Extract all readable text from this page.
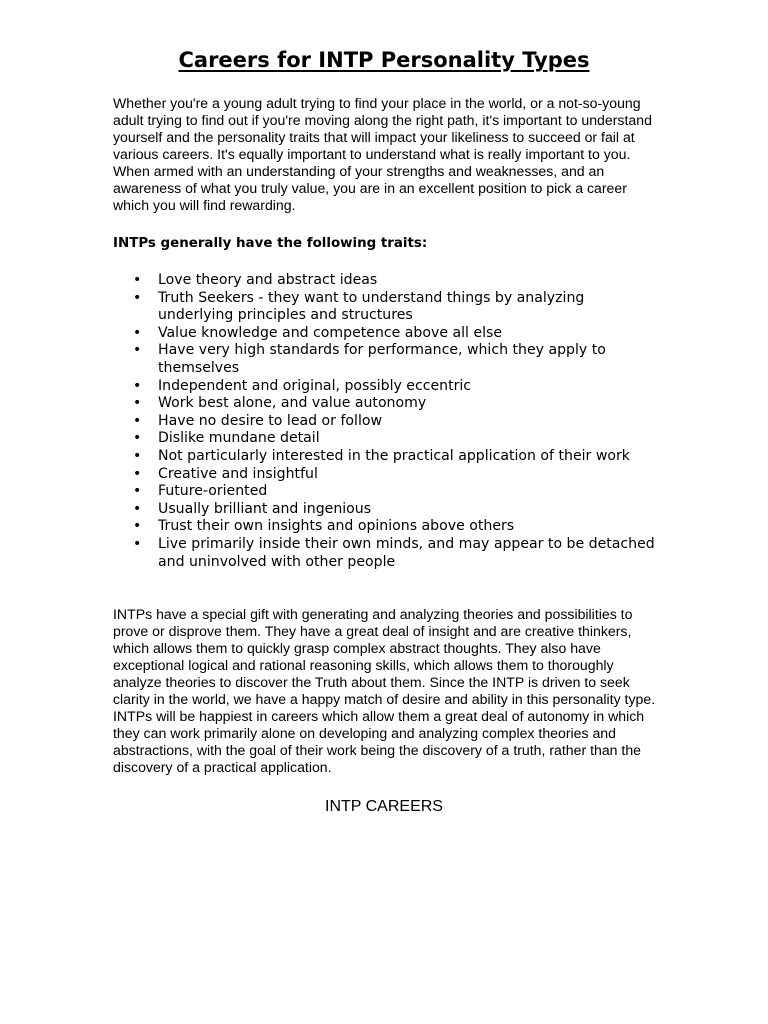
Careers for INTP Personality Types

Whether you're a young adult trying to find your place in the world, or a not-so-young adult trying to find out if you're moving along the right path, it's important to understand yourself and the personality traits that will impact your likeliness to succeed or fail at various careers. It's equally important to understand what is really important to you. When armed with an understanding of your strengths and weaknesses, and an awareness of what you truly value, you are in an excellent position to pick a career which you will find rewarding.

INTPs generally have the following traits:

• Love theory and abstract ideas
• Truth Seekers - they want to understand things by analyzing underlying principles and structures
• Value knowledge and competence above all else
• Have very high standards for performance, which they apply to themselves
• Independent and original, possibly eccentric
• Work best alone, and value autonomy
• Have no desire to lead or follow
• Dislike mundane detail
• Not particularly interested in the practical application of their work
• Creative and insightful
• Future-oriented
• Usually brilliant and ingenious
• Trust their own insights and opinions above others
• Live primarily inside their own minds, and may appear to be detached and uninvolved with other people

INTPs have a special gift with generating and analyzing theories and possibilities to prove or disprove them. They have a great deal of insight and are creative thinkers, which allows them to quickly grasp complex abstract thoughts. They also have exceptional logical and rational reasoning skills, which allows them to thoroughly analyze theories to discover the Truth about them. Since the INTP is driven to seek clarity in the world, we have a happy match of desire and ability in this personality type. INTPs will be happiest in careers which allow them a great deal of autonomy in which they can work primarily alone on developing and analyzing complex theories and abstractions, with the goal of their work being the discovery of a truth, rather than the discovery of a practical application.

INTP CAREERS
